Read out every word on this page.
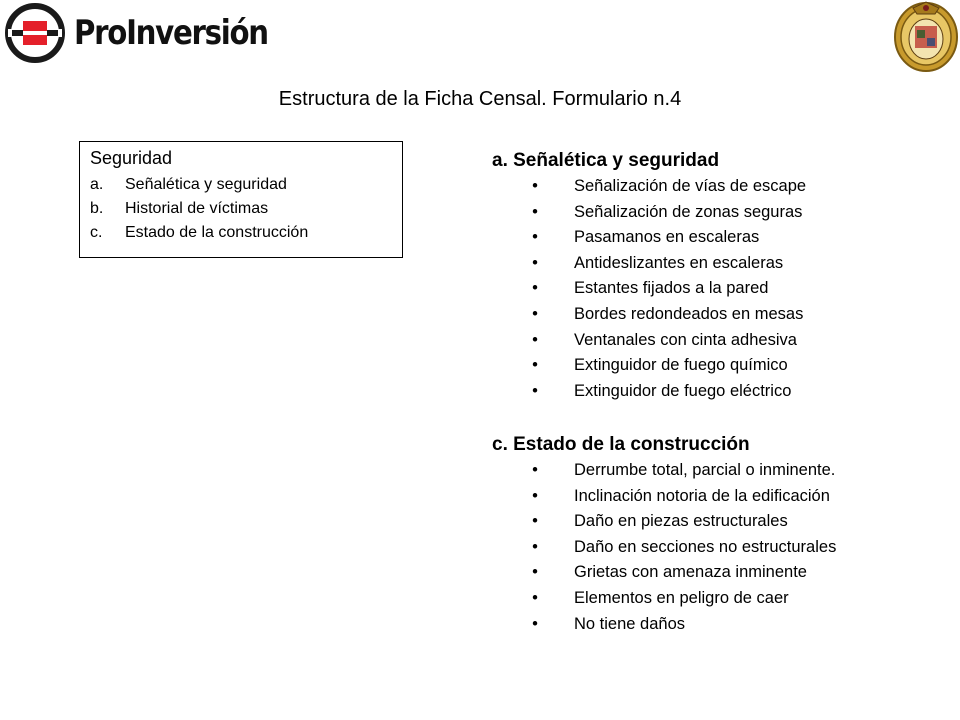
ProInversión
Estructura de la Ficha Censal. Formulario n.4
Seguridad
a.	Señalética y seguridad
b.	Historial de víctimas
c.	Estado de la construcción
a. Señalética y seguridad
•	Señalización de vías de escape
•	Señalización de zonas seguras
•	Pasamanos en escaleras
•	Antideslizantes en escaleras
•	Estantes fijados a la pared
•	Bordes redondeados en mesas
•	Ventanales con cinta adhesiva
•	Extinguidor de fuego químico
•	Extinguidor de fuego eléctrico
c. Estado de la construcción
•	Derrumbe total, parcial o inminente.
•	Inclinación notoria de la edificación
•	Daño en piezas estructurales
•	Daño en secciones no estructurales
•	Grietas con amenaza inminente
•	Elementos en peligro de caer
•	No tiene daños
